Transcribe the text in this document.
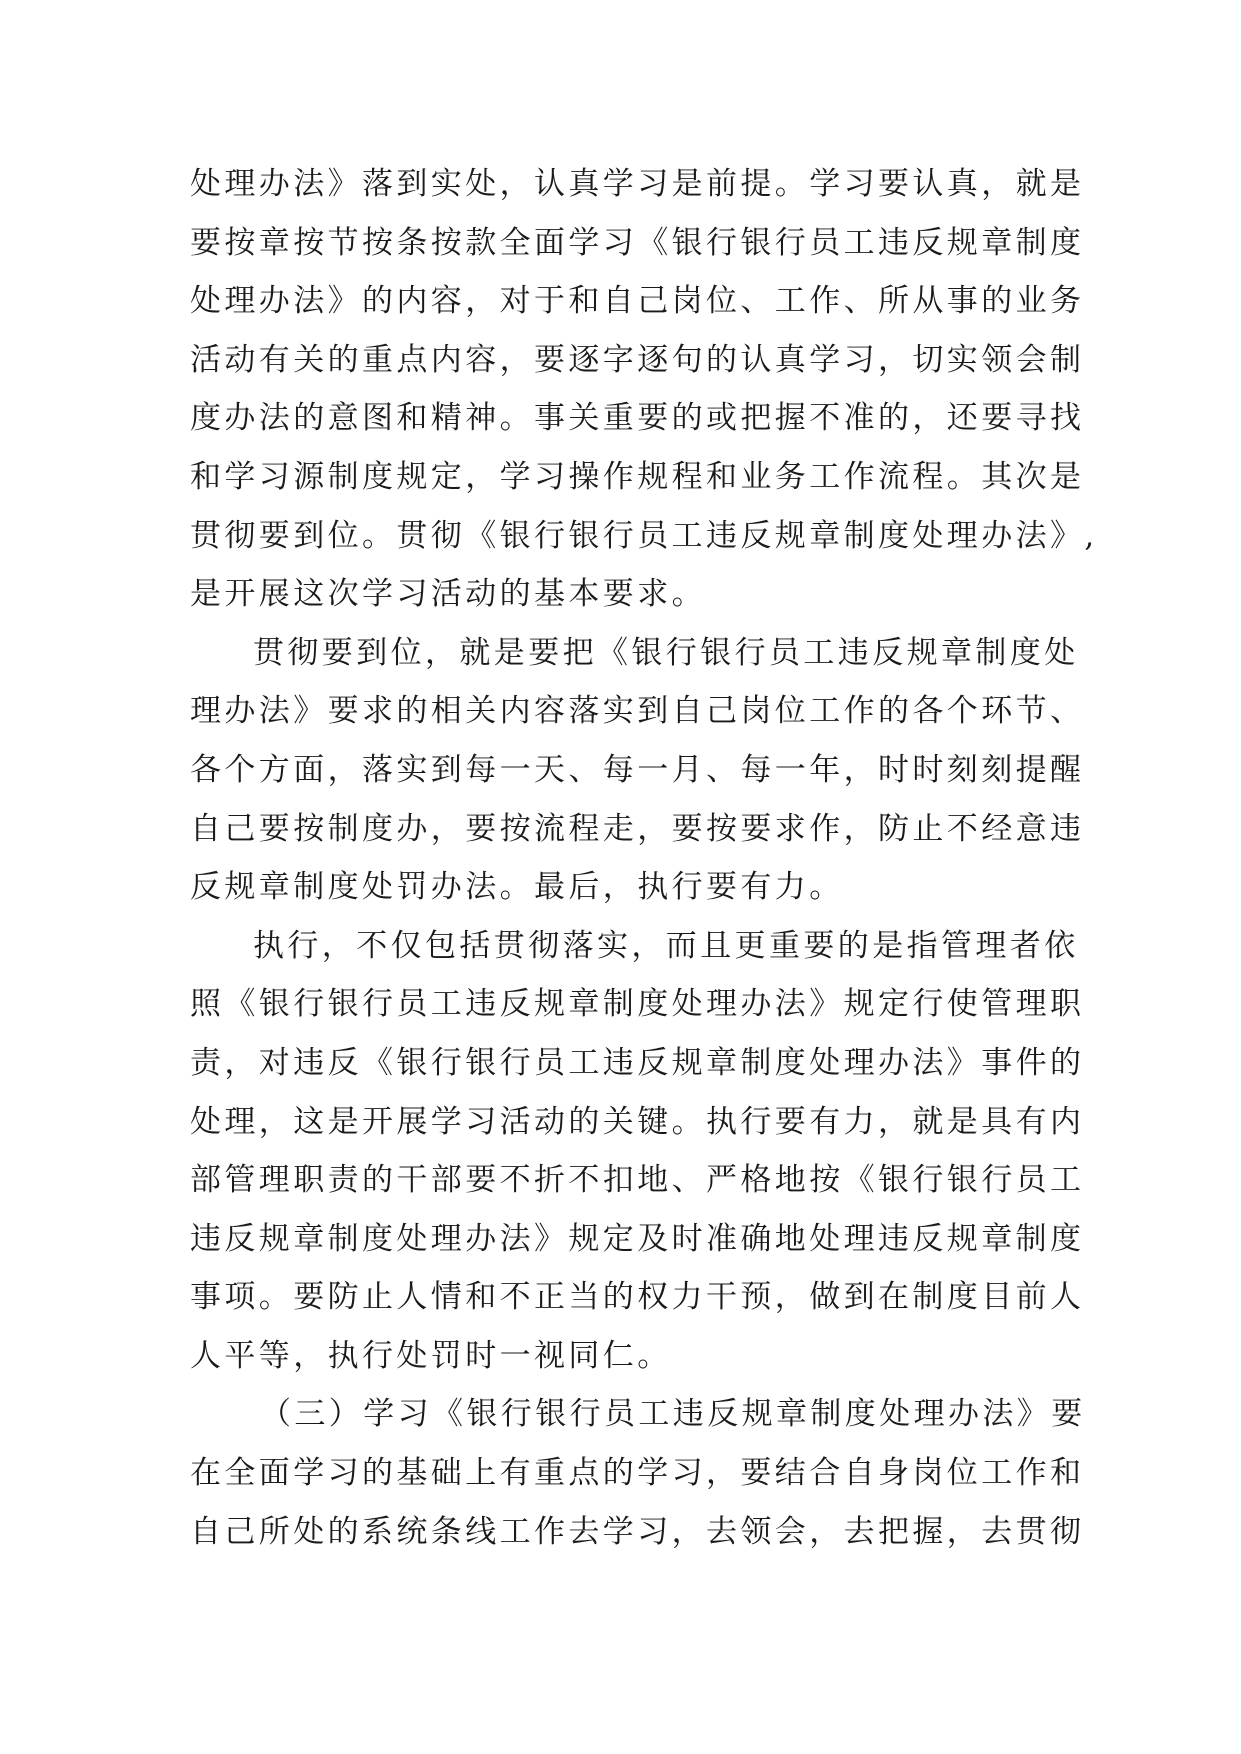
处理办法》落到实处，认真学习是前提。学习要认真，就是
要按章按节按条按款全面学习《银行银行员工违反规章制度
处理办法》的内容，对于和自己岗位、工作、所从事的业务
活动有关的重点内容，要逐字逐句的认真学习，切实领会制
度办法的意图和精神。事关重要的或把握不准的，还要寻找
和学习源制度规定，学习操作规程和业务工作流程。其次是
贯彻要到位。贯彻《银行银行员工违反规章制度处理办法》,
是开展这次学习活动的基本要求。
贯彻要到位，就是要把《银行银行员工违反规章制度处
理办法》要求的相关内容落实到自己岗位工作的各个环节、
各个方面，落实到每一天、每一月、每一年，时时刻刻提醒
自己要按制度办，要按流程走，要按要求作，防止不经意违
反规章制度处罚办法。最后，执行要有力。
执行，不仅包括贯彻落实，而且更重要的是指管理者依
照《银行银行员工违反规章制度处理办法》规定行使管理职
责，对违反《银行银行员工违反规章制度处理办法》事件的
处理，这是开展学习活动的关键。执行要有力，就是具有内
部管理职责的干部要不折不扣地、严格地按《银行银行员工
违反规章制度处理办法》规定及时准确地处理违反规章制度
事项。要防止人情和不正当的权力干预，做到在制度目前人
人平等，执行处罚时一视同仁。
（三）学习《银行银行员工违反规章制度处理办法》要
在全面学习的基础上有重点的学习，要结合自身岗位工作和
自己所处的系统条线工作去学习，去领会，去把握，去贯彻
